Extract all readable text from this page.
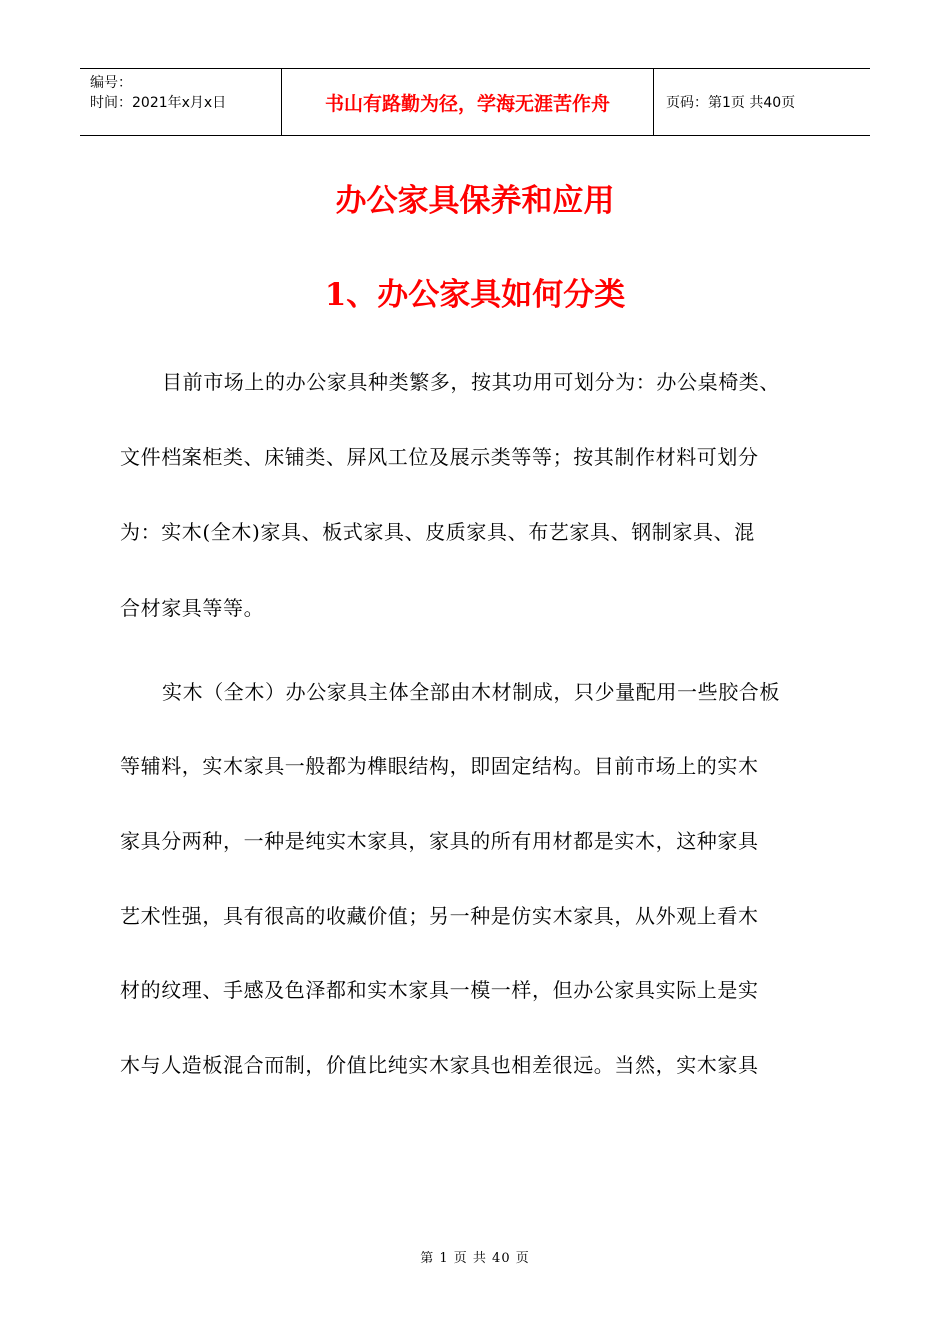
编号：
时间：2021年x月x日	书山有路勤为径，学海无涯苦作舟	页码：第1页 共40页
办公家具保养和应用
1、办公家具如何分类

目前市场上的办公家具种类繁多，按其功用可划分为：办公桌椅类、

文件档案柜类、床铺类、屏风工位及展示类等等；按其制作材料可划分

为：实木(全木)家具、板式家具、皮质家具、布艺家具、钢制家具、混

合材家具等等。

实木（全木）办公家具主体全部由木材制成，只少量配用一些胶合板

等辅料，实木家具一般都为榫眼结构，即固定结构。目前市场上的实木

家具分两种，一种是纯实木家具，家具的所有用材都是实木，这种家具

艺术性强，具有很高的收藏价值；另一种是仿实木家具，从外观上看木

材的纹理、手感及色泽都和实木家具一模一样，但办公家具实际上是实

木与人造板混合而制，价值比纯实木家具也相差很远。当然，实木家具

第 1 页 共 40 页
